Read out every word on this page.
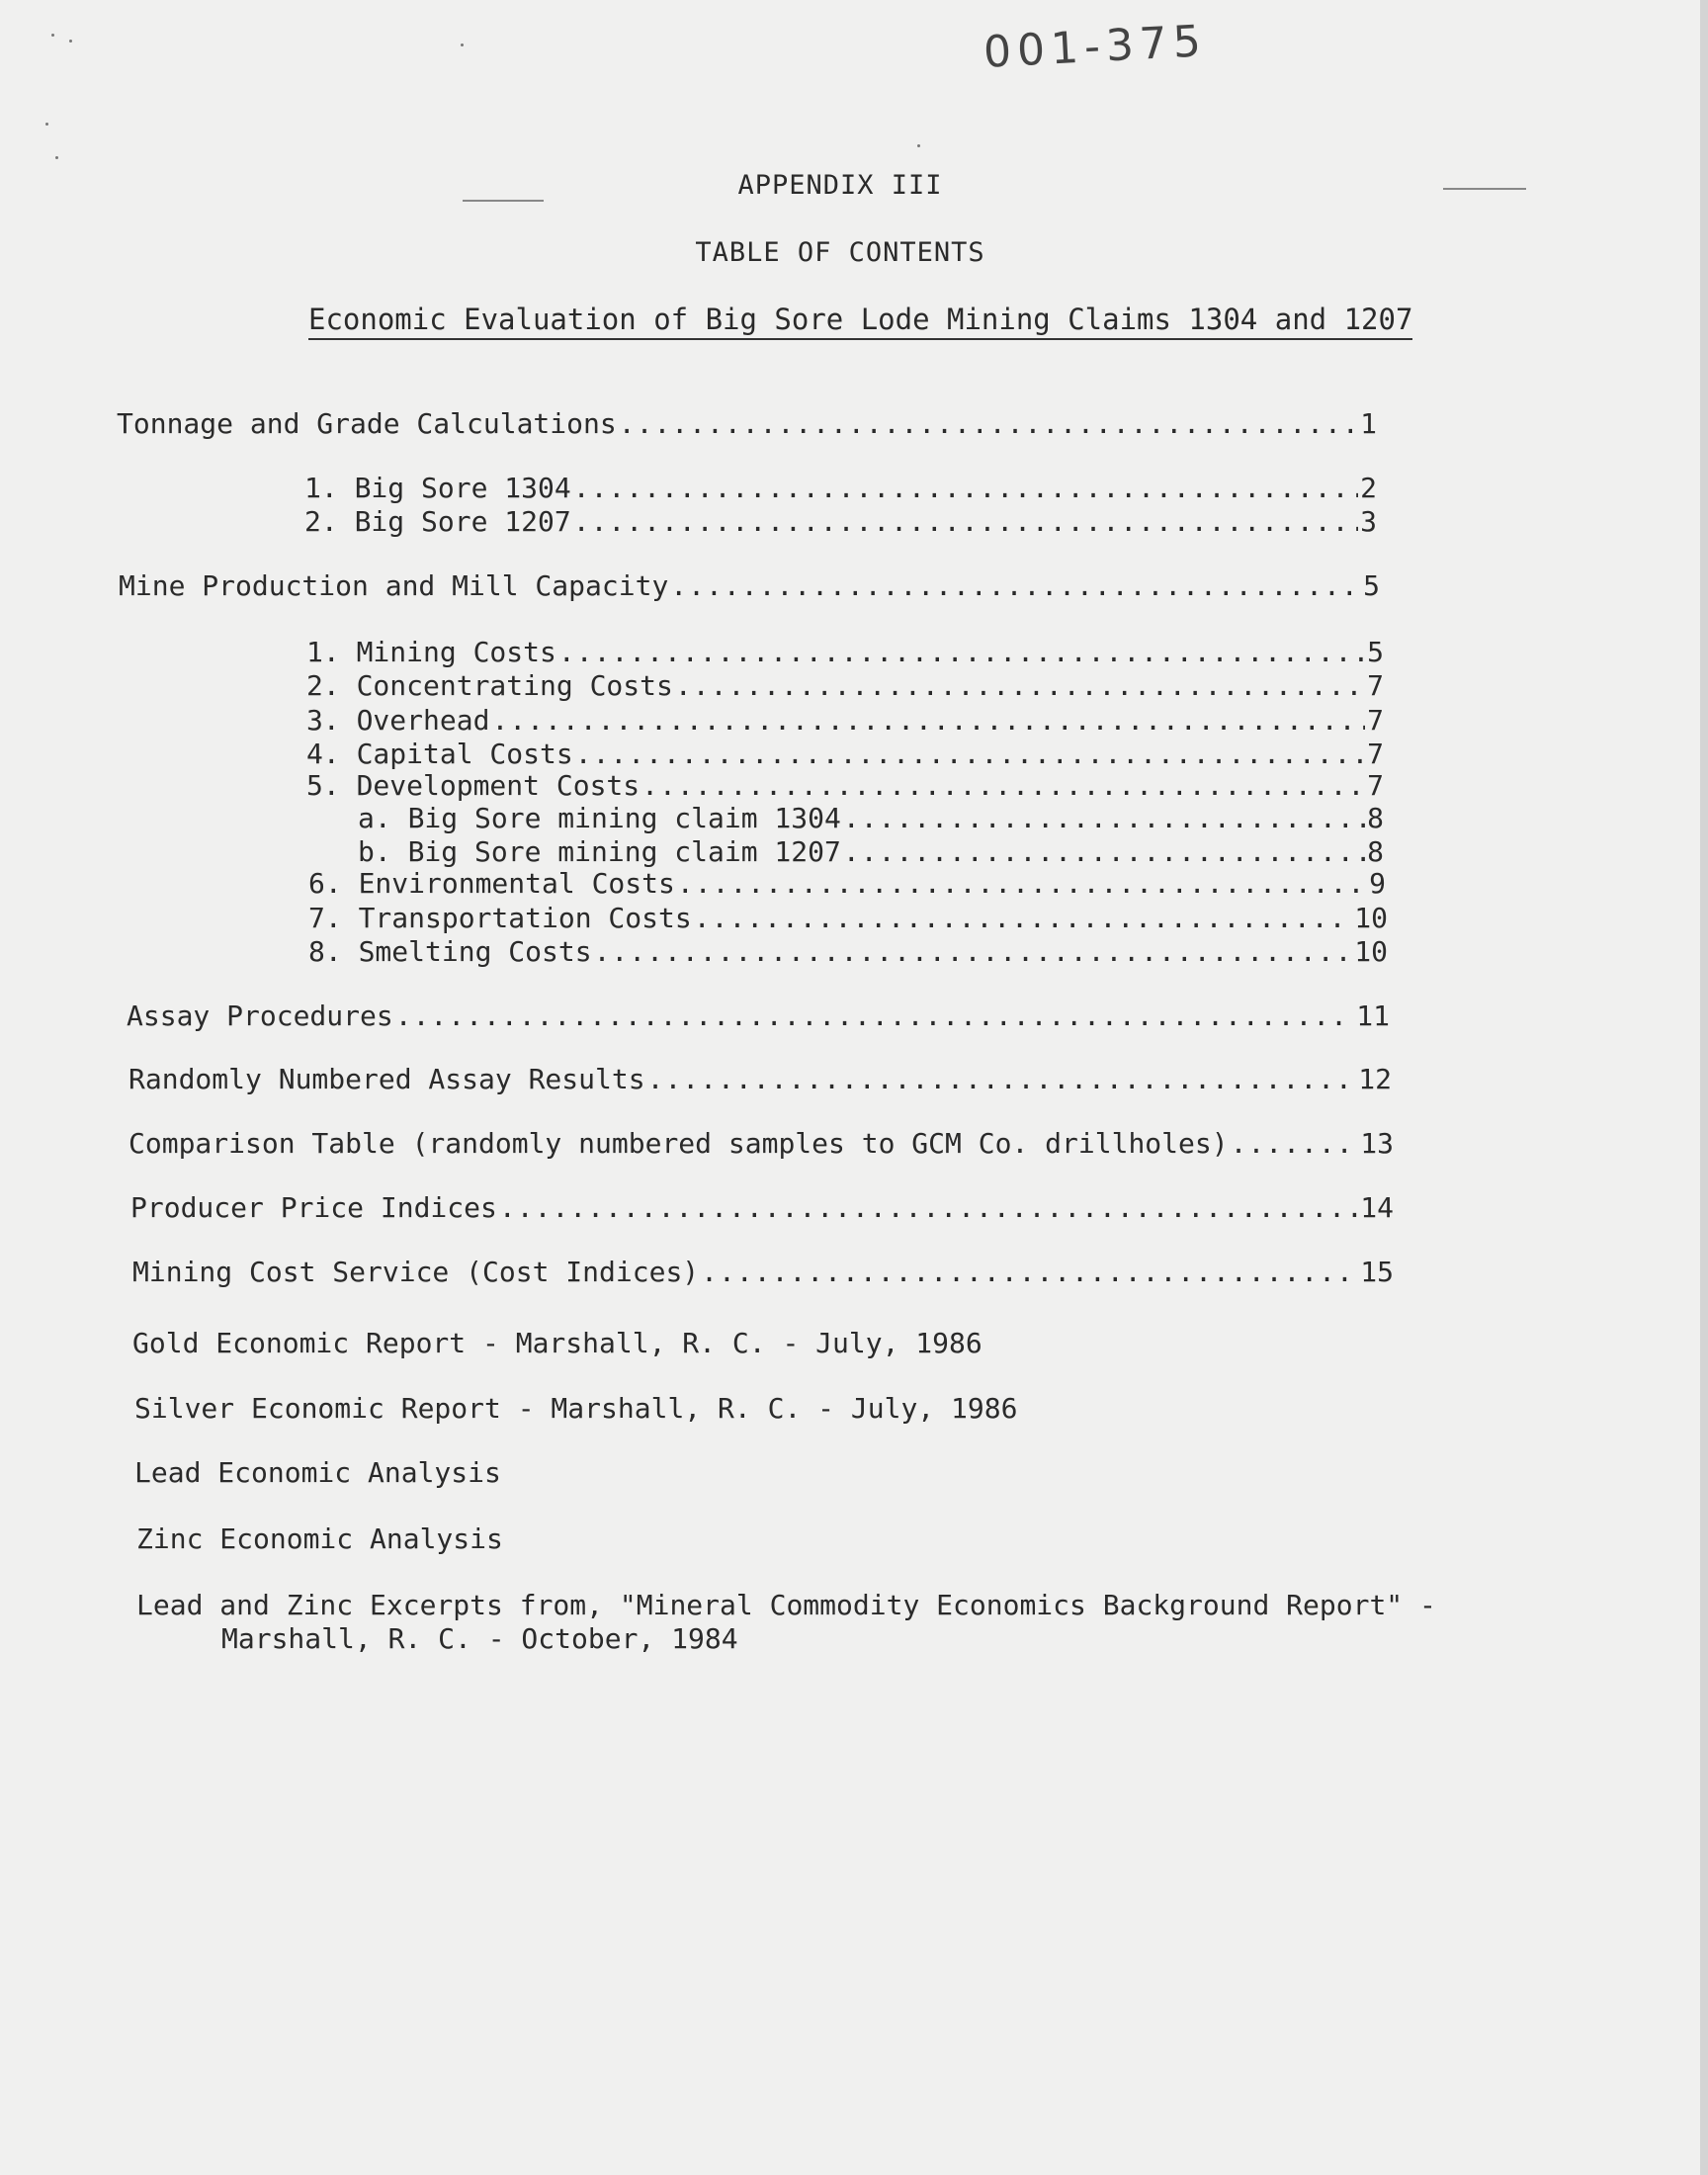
001-375
APPENDIX III
TABLE OF CONTENTS
Economic Evaluation of Big Sore Lode Mining Claims 1304 and 1207
Tonnage and Grade Calculations .....	1
1. Big Sore 1304 .....	2
2. Big Sore 1207 .....	3
Mine Production and Mill Capacity .....	5
1. Mining Costs .....	5
2. Concentrating Costs .....	7
3. Overhead .....	7
4. Capital Costs .....	7
5. Development Costs .....	7
a. Big Sore mining claim 1304 .....	8
b. Big Sore mining claim 1207 .....	8
6. Environmental Costs .....	9
7. Transportation Costs .....	10
8. Smelting Costs .....	10
Assay Procedures .....	11
Randomly Numbered Assay Results .....	12
Comparison Table (randomly numbered samples to GCM Co. drillholes) .....	13
Producer Price Indices .....	14
Mining Cost Service (Cost Indices) .....	15
Gold Economic Report - Marshall, R. C. - July, 1986
Silver Economic Report - Marshall, R. C. - July, 1986
Lead Economic Analysis
Zinc Economic Analysis
Lead and Zinc Excerpts from, "Mineral Commodity Economics Background Report" -
Marshall, R. C. - October, 1984
